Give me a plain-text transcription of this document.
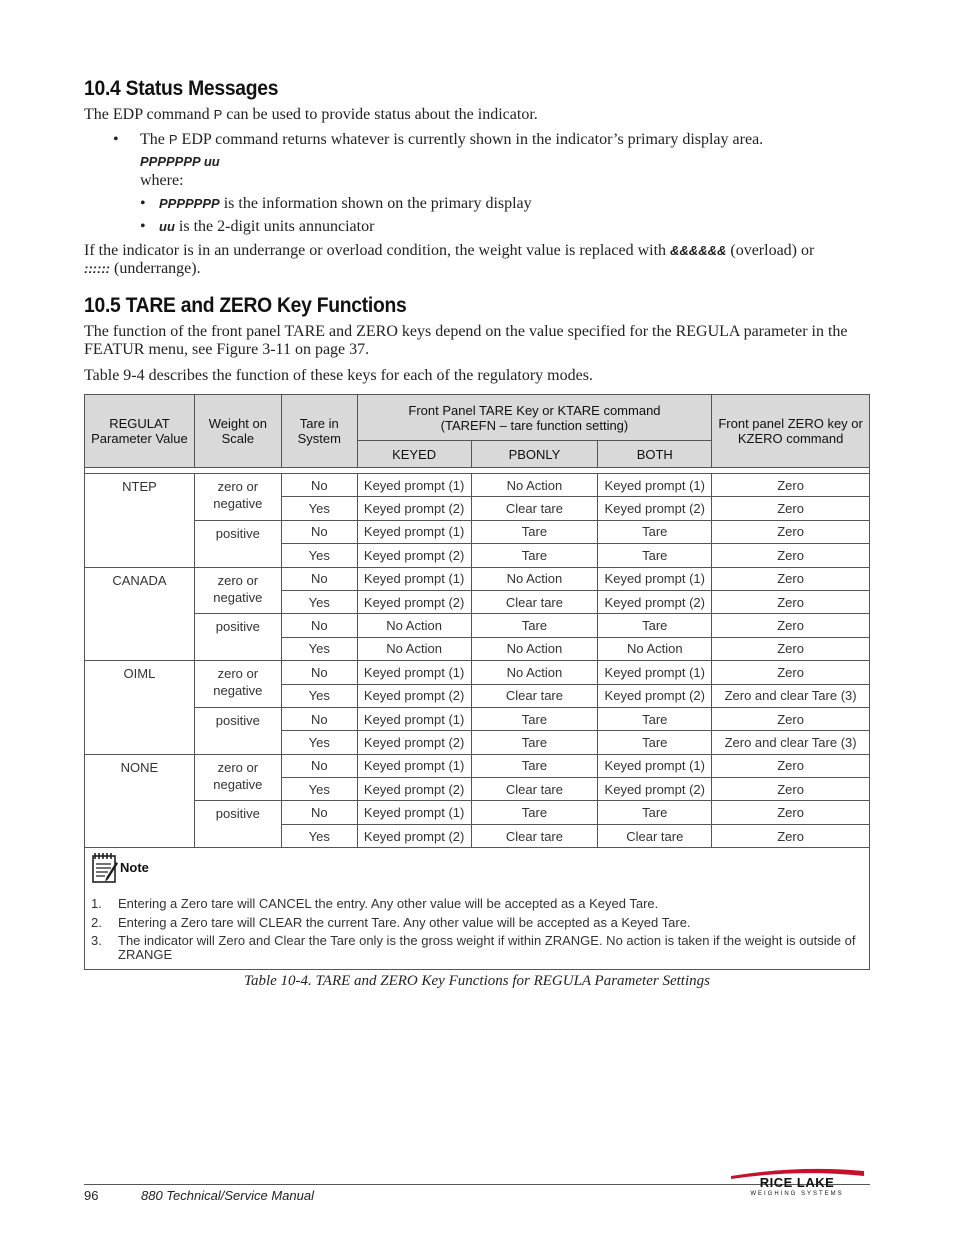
10.4 Status Messages
The EDP command P can be used to provide status about the indicator.
• The P EDP command returns whatever is currently shown in the indicator’s primary display area.
PPPPPPP uu
where:
• PPPPPPP is the information shown on the primary display
• uu is the 2-digit units annunciator
If the indicator is in an underrange or overload condition, the weight value is replaced with &&&&&& (overload) or
:::::: (underrange).
10.5 TARE and ZERO Key Functions
The function of the front panel TARE and ZERO keys depend on the value specified for the REGULA parameter in the FEATUR menu, see Figure 3-11 on page 37.
Table 9-4 describes the function of these keys for each of the regulatory modes.
REGULAT Parameter Value	Weight on Scale	Tare in System	Front Panel TARE Key or KTARE command
(TAREFN – tare function setting)			Front panel ZERO key or KZERO command
			KEYED	PBONLY	BOTH	

NTEP	zero or negative	No	Keyed prompt (1)	No Action	Keyed prompt (1)	Zero
		Yes	Keyed prompt (2)	Clear tare	Keyed prompt (2)	Zero
	positive	No	Keyed prompt (1)	Tare	Tare	Zero
		Yes	Keyed prompt (2)	Tare	Tare	Zero
CANADA	zero or negative	No	Keyed prompt (1)	No Action	Keyed prompt (1)	Zero
		Yes	Keyed prompt (2)	Clear tare	Keyed prompt (2)	Zero
	positive	No	No Action	Tare	Tare	Zero
		Yes	No Action	No Action	No Action	Zero
OIML	zero or negative	No	Keyed prompt (1)	No Action	Keyed prompt (1)	Zero
		Yes	Keyed prompt (2)	Clear tare	Keyed prompt (2)	Zero and clear Tare (3)
	positive	No	Keyed prompt (1)	Tare	Tare	Zero
		Yes	Keyed prompt (2)	Tare	Tare	Zero and clear Tare (3)
NONE	zero or negative	No	Keyed prompt (1)	Tare	Keyed prompt (1)	Zero
		Yes	Keyed prompt (2)	Clear tare	Keyed prompt (2)	Zero
	positive	No	Keyed prompt (1)	Tare	Tare	Zero
		Yes	Keyed prompt (2)	Clear tare	Clear tare	Zero
Note
1. Entering a Zero tare will CANCEL the entry. Any other value will be accepted as a Keyed Tare.
2. Entering a Zero tare will CLEAR the current Tare. Any other value will be accepted as a Keyed Tare.
3. The indicator will Zero and Clear the Tare only is the gross weight if within ZRANGE. No action is taken if the weight is outside of ZRANGE
Table 10-4. TARE and ZERO Key Functions for REGULA Parameter Settings
96	880 Technical/Service Manual
RICE LAKE
WEIGHING SYSTEMS
